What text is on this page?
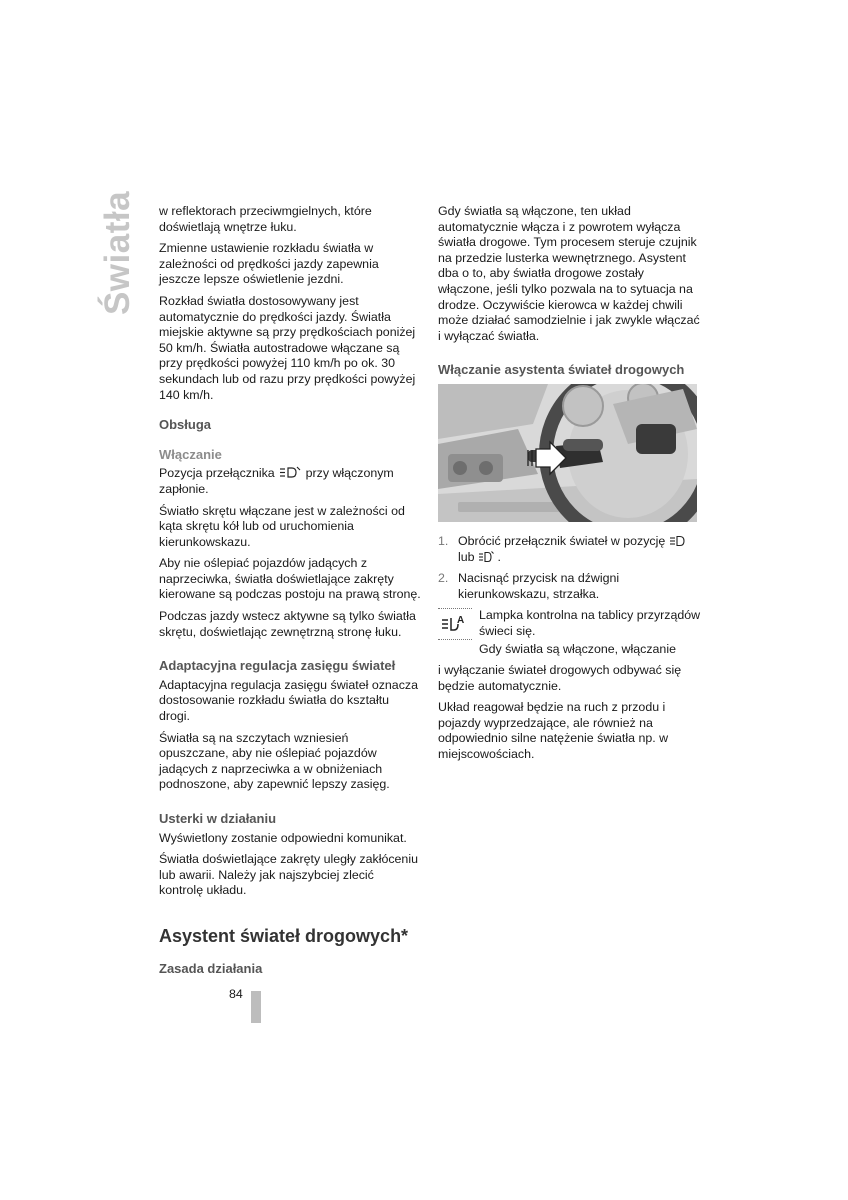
Światła w reflektorach przeciwmgielnych, które doświetlają wnętrze łuku.

Zmienne ustawienie rozkładu światła w zależności od prędkości jazdy zapewnia jeszcze lepsze oświetlenie jezdni.

Rozkład światła dostosowywany jest automatycznie do prędkości jazdy. Światła miejskie aktywne są przy prędkościach poniżej 50 km/h. Światła autostradowe włączane są przy prędkości powyżej 110 km/h po ok. 30 sekundach lub od razu przy prędkości powyżej 140 km/h.

Obsługa
Włączanie

Pozycja przełącznika przy włączonym zapłonie.

Światło skrętu włączane jest w zależności od kąta skrętu kół lub od uruchomienia kierunkowskazu.

Aby nie oślepiać pojazdów jadących z naprzeciwka, światła doświetlające zakręty kierowane są podczas postoju na prawą stronę.

Podczas jazdy wstecz aktywne są tylko światła skrętu, doświetlając zewnętrzną stronę łuku.

Adaptacyjna regulacja zasięgu świateł

Adaptacyjna regulacja zasięgu świateł oznacza dostosowanie rozkładu światła do kształtu drogi.

Światła są na szczytach wzniesień opuszczane, aby nie oślepiać pojazdów jadących z naprzeciwka a w obniżeniach podnoszone, aby zapewnić lepszy zasięg.

Usterki w działaniu

Wyświetlony zostanie odpowiedni komunikat.

Światła doświetlające zakręty uległy zakłóceniu lub awarii. Należy jak najszybciej zlecić kontrolę układu.

Asystent świateł drogowych*
Zasada działania

Gdy światła są włączone, ten układ automatycznie włącza i z powrotem wyłącza światła drogowe. Tym procesem steruje czujnik na przedzie lusterka wewnętrznego. Asystent dba o to, aby światła drogowe zostały włączone, jeśli tylko pozwala na to sytuacja na drodze. Oczywiście kierowca w każdej chwili może działać samodzielnie i jak zwykle włączać i wyłączać światła.

Włączanie asystenta świateł drogowych
1. Obrócić przełącznik świateł w pozycję
lub .
2. Nacisnąć przycisk na dźwigni kierunkowskazu, strzałka.
A Lampka kontrolna na tablicy przyrządów świeci się.

Gdy światła są włączone, włączanie

i wyłączanie świateł drogowych odbywać się będzie automatycznie.

Układ reagował będzie na ruch z przodu i pojazdy wyprzedzające, ale również na odpowiednio silne natężenie światła np. w miejscowościach.

84
